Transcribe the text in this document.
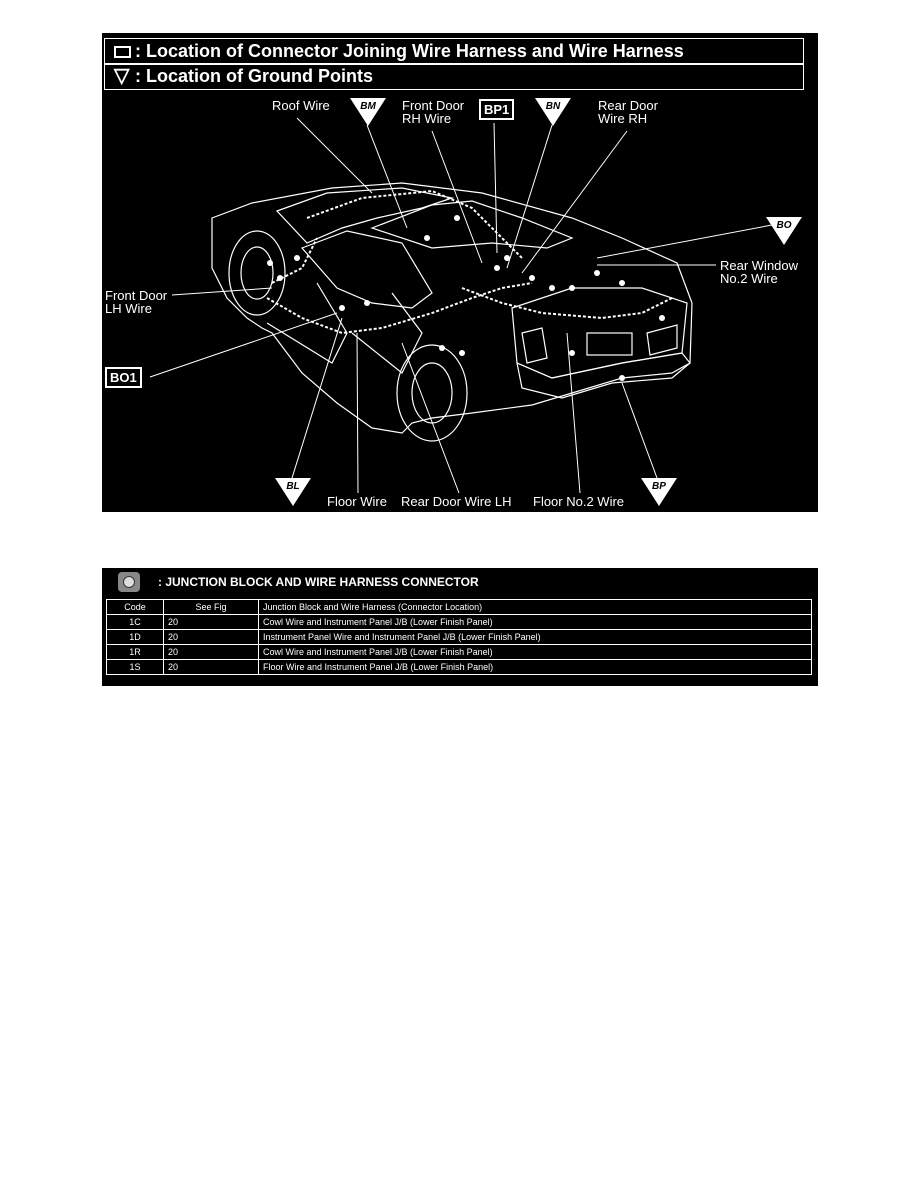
: Location of Connector Joining Wire Harness and Wire Harness
▽ : Location of Ground Points
Roof Wire	BM	Front Door
RH Wire
BP1	BN	Rear Door
Wire RH
BO
Rear Window
No.2 Wire
Front Door
LH Wire
BO1
BL
Floor Wire Rear Door Wire LH Floor No.2 Wire
BP
: JUNCTION BLOCK AND WIRE HARNESS CONNECTOR
Code	See Fig	Junction Block and Wire Harness (Connector Location)
1C	20	Cowl Wire and Instrument Panel J/B (Lower Finish Panel)
1D	20	Instrument Panel Wire and Instrument Panel J/B (Lower Finish Panel)
1R	20	Cowl Wire and Instrument Panel J/B (Lower Finish Panel)
1S	20	Floor Wire and Instrument Panel J/B (Lower Finish Panel)
